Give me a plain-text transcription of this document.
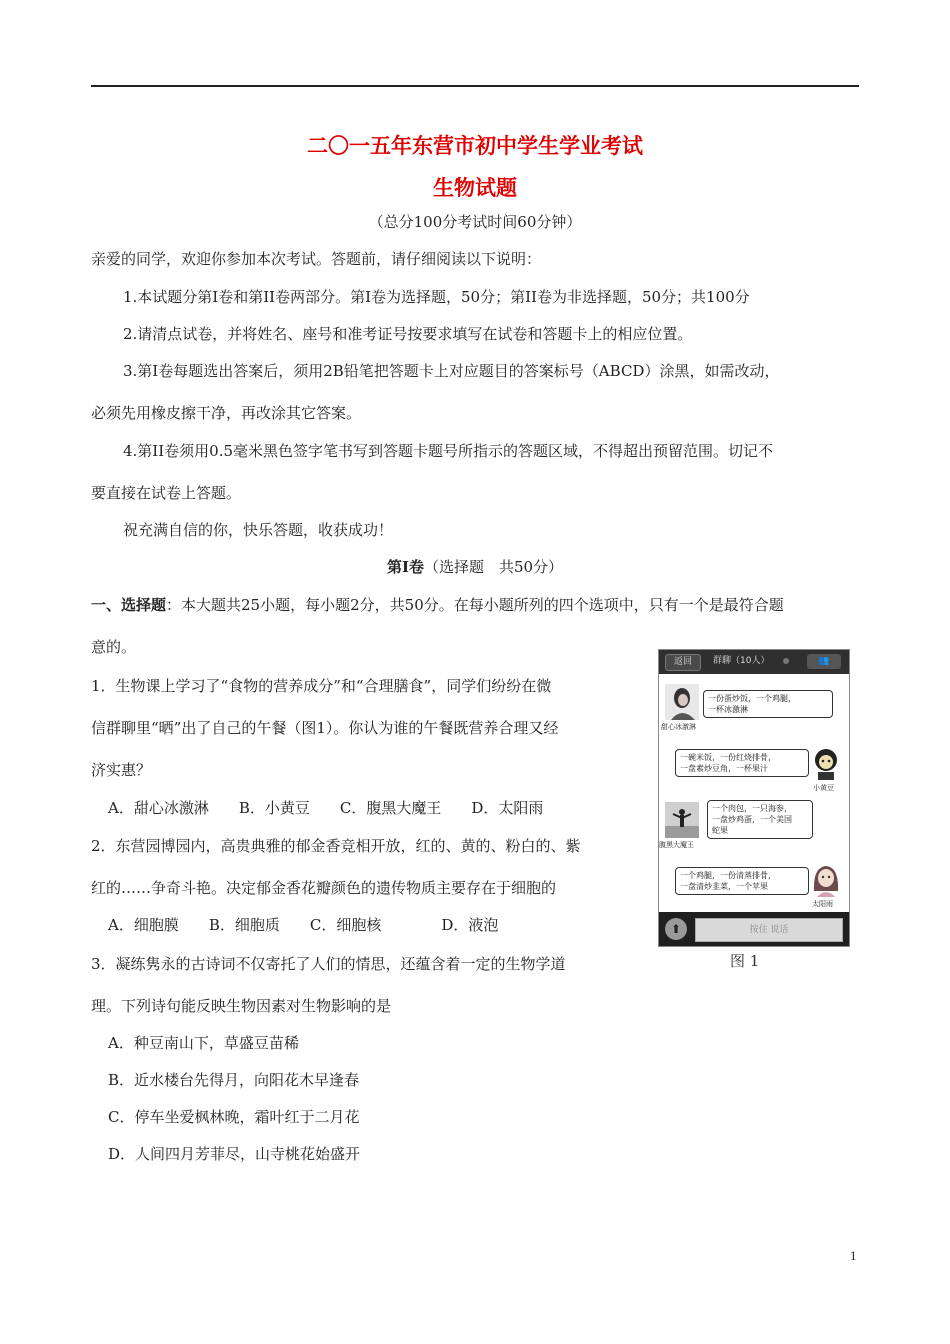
二〇一五年东营市初中学生学业考试
生物试题
（总分100分考试时间60分钟）
亲爱的同学，欢迎你参加本次考试。答题前，请仔细阅读以下说明：
1.本试题分第Ⅰ卷和第II卷两部分。第Ⅰ卷为选择题，50分；第II卷为非选择题，50分；共100分
2.请清点试卷，并将姓名、座号和准考证号按要求填写在试卷和答题卡上的相应位置。
3.第Ⅰ卷每题选出答案后，须用2B铅笔把答题卡上对应题目的答案标号（ABCD）涂黑，如需改动，
必须先用橡皮擦干净，再改涂其它答案。
4.第II卷须用0.5毫米黑色签字笔书写到答题卡题号所指示的答题区域，不得超出预留范围。切记不
要直接在试卷上答题。
祝充满自信的你，快乐答题，收获成功！
第Ⅰ卷（选择题　共50分）
一、选择题：本大题共25小题，每小题2分，共50分。在每小题所列的四个选项中，只有一个是最符合题
意的。
1．生物课上学习了“食物的营养成分”和“合理膳食”，同学们纷纷在微
信群聊里“晒”出了自己的午餐（图1）。你认为谁的午餐既营养合理又经
济实惠？
A．甜心冰激淋　　B．小黄豆　　C．腹黑大魔王　　D．太阳雨
2．东营园博园内，高贵典雅的郁金香竞相开放，红的、黄的、粉白的、紫
红的……争奇斗艳。决定郁金香花瓣颜色的遗传物质主要存在于细胞的
A．细胞膜　　B．细胞质　　C．细胞核　　　　D．液泡
3．凝练隽永的古诗词不仅寄托了人们的情思，还蕴含着一定的生物学道
理。下列诗句能反映生物因素对生物影响的是
A．种豆南山下，草盛豆苗稀
B．近水楼台先得月，向阳花木早逢春
C．停车坐爱枫林晚，霜叶红于二月花
D．人间四月芳菲尽，山寺桃花始盛开
返回	群聊（10人）	👥
甜心冰激淋
一份蛋炒饭，一个鸡腿，
一杯冰激淋
一碗米饭，一份红烧排骨，
一盘素炒豆角，一杯果汁
小黄豆
腹黑大魔王
一个肉包，一只海参，
一盘炒鸡蛋，一个美国
蛇果
一个鸡腿，一份清蒸排骨，
一盘清炒韭菜，一个苹果
太阳雨
⬆	按住 说话
图 1
1
